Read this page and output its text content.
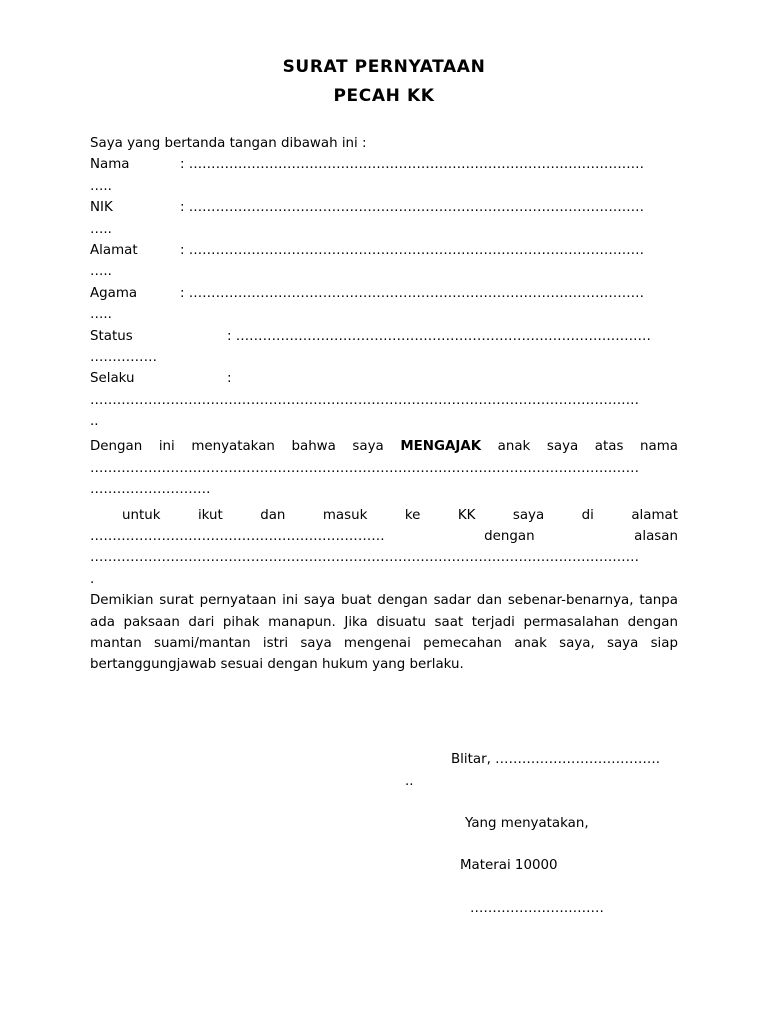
SURAT PERNYATAAN
PECAH KK
Saya yang bertanda tangan dibawah ini :
Nama	: …………………………………………………………………………………………
…..
NIK	: …………………………………………………………………………………………
…..
Alamat	: …………………………………………………………………………………………
…..
Agama	: …………………………………………………………………………………………
…..
Status	: …………………………………………………………………………………
……………
Selaku	:
……………………………………………………………………………………………………………
..
Dengan ini menyatakan bahwa saya MENGAJAK anak saya atas nama
……………………………………………………………………………………………………………
………………………
untuk	ikut	dan	masuk	ke	KK	saya	di	alamat
…………………………………………………………	dengan	alasan
……………………………………………………………………………………………………………
.
Demikian surat pernyataan ini saya buat dengan sadar dan sebenar-benarnya, tanpa ada paksaan dari pihak manapun. Jika disuatu saat terjadi permasalahan dengan mantan suami/mantan istri saya mengenai pemecahan anak saya, saya siap bertanggungjawab sesuai dengan hukum yang berlaku.
Blitar, ……………………………….
..
Yang menyatakan,
Materai 10000
…………………………
